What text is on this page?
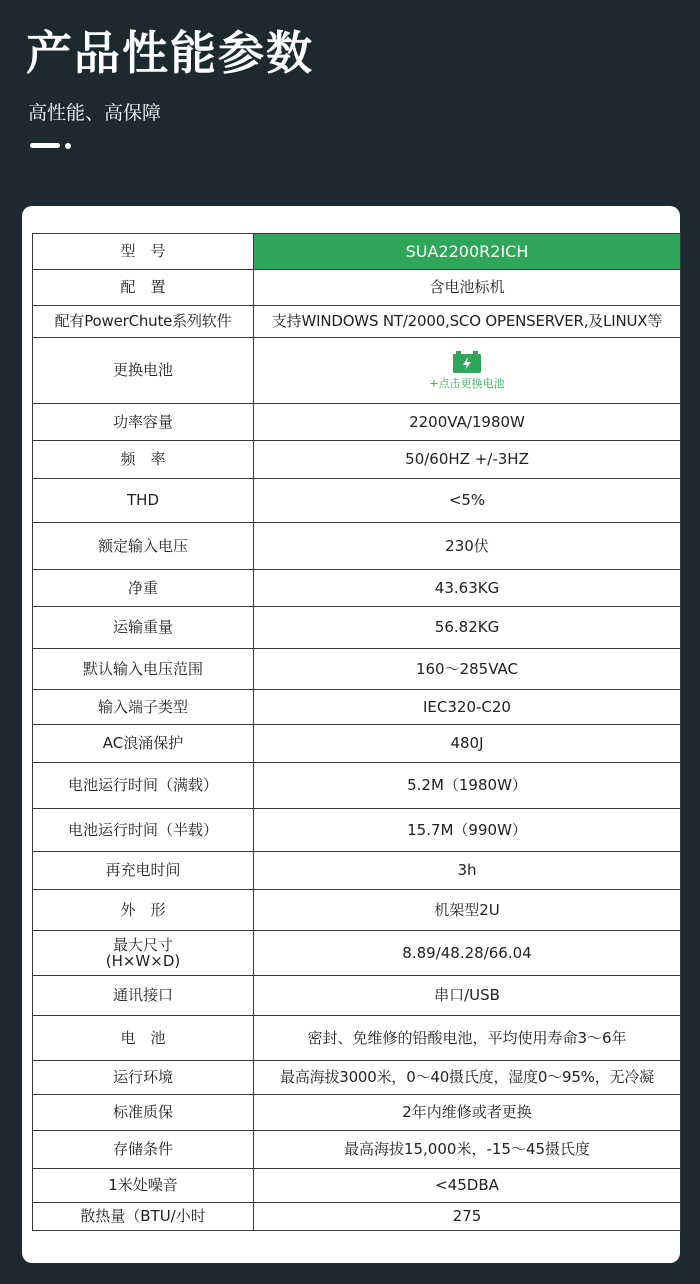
产品性能参数
高性能、高保障
型　号	SUA2200R2ICH
配　置	含电池标机
配有PowerChute系列软件	支持WINDOWS NT/2000,SCO OPENSERVER,及LINUX等
更换电池	+点击更换电池

功率容量	2200VA/1980W
频　率	50/60HZ +/-3HZ
THD	<5%
额定输入电压	230伏
净重	43.63KG
运输重量	56.82KG
默认输入电压范围	160～285VAC
输入端子类型	IEC320-C20
AC浪涌保护	480J
电池运行时间（满载）	5.2M（1980W）
电池运行时间（半载）	15.7M（990W）
再充电时间	3h
外　形	机架型2U

最大尺寸
(H×W×D)	8.89/48.28/66.04
通讯接口	串口/USB
电　池	密封、免维修的铅酸电池，平均使用寿命3～6年
运行环境	最高海拔3000米，0～40摄氏度，湿度0～95%，无冷凝
标准质保	2年内维修或者更换
存储条件	最高海拔15,000米，-15～45摄氏度
1米处噪音	<45DBA
散热量（BTU/小时	275
